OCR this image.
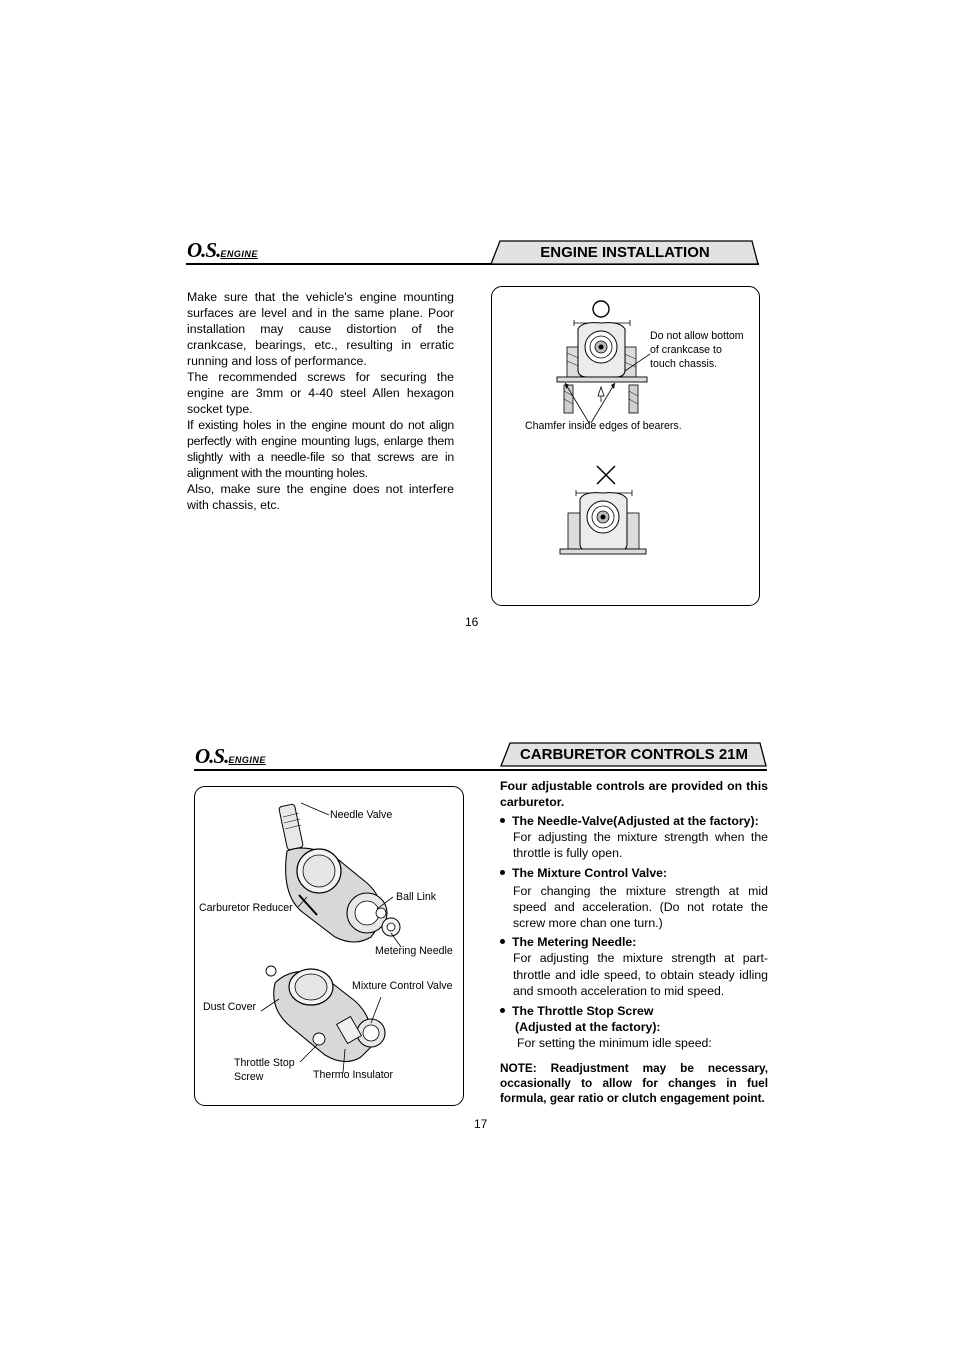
O.S.ENGINE	ENGINE INSTALLATION

Make sure that the vehicle's engine mounting surfaces are level and in the same plane. Poor installation may cause distortion of the crankcase, bearings, etc., resulting in erratic running and loss of performance.

The recommended screws for securing the engine are 3mm or 4-40 steel Allen hexagon socket type.

If existing holes in the engine mount do not align perfectly with engine mounting lugs, enlarge them slightly with a needle-file so that screws are in alignment with the mounting holes.

Also, make sure the engine does not interfere with chassis, etc.

Do not allow bottom
of crankcase to
touch chassis.
Chamfer inside edges of bearers.
16
O.S.ENGINE	CARBURETOR CONTROLS 21M
Needle Valve
Ball Link
Carburetor Reducer
Metering Needle
Mixture Control Valve
Dust Cover
Throttle Stop
Screw	Thermo Insulator
Four adjustable controls are provided on this carburetor.
The Needle-Valve(Adjusted at the factory):
For adjusting the mixture strength when the throttle is fully open.
The Mixture Control Valve:
For changing the mixture strength at mid speed and acceleration. (Do not rotate the screw more chan one turn.)
The Metering Needle:
For adjusting the mixture strength at part-throttle and idle speed, to obtain steady idling and smooth acceleration to mid speed.
The Throttle Stop Screw
(Adjusted at the factory):
For setting the minimum idle speed:
NOTE: Readjustment may be necessary, occasionally to allow for changes in fuel formula, gear ratio or clutch engagement point.
17
